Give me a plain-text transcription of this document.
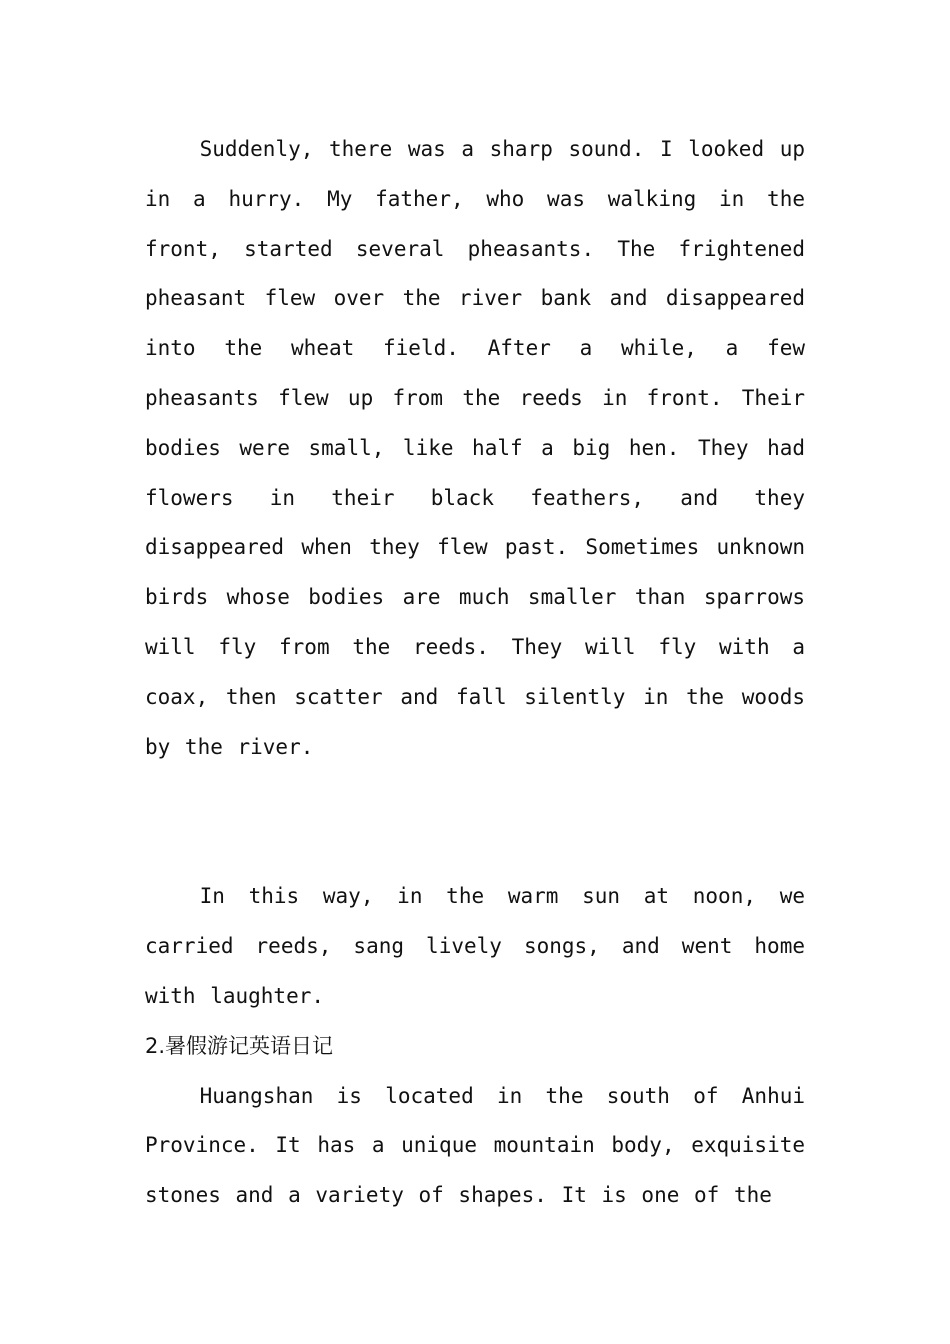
Suddenly, there was a sharp sound. I looked up in a hurry. My father, who was walking in the front, started several pheasants. The frightened pheasant flew over the river bank and disappeared into the wheat field. After a while, a few pheasants flew up from the reeds in front. Their bodies were small, like half a big hen. They had flowers in their black feathers, and they disappeared when they flew past. Sometimes unknown birds whose bodies are much smaller than sparrows will fly from the reeds. They will fly with a coax, then scatter and fall silently in the woods by the river.

In this way, in the warm sun at noon, we carried reeds, sang lively songs, and went home with laughter.

2.暑假游记英语日记

Huangshan is located in the south of Anhui Province. It has a unique mountain body, exquisite stones and a variety of shapes. It is one of the
